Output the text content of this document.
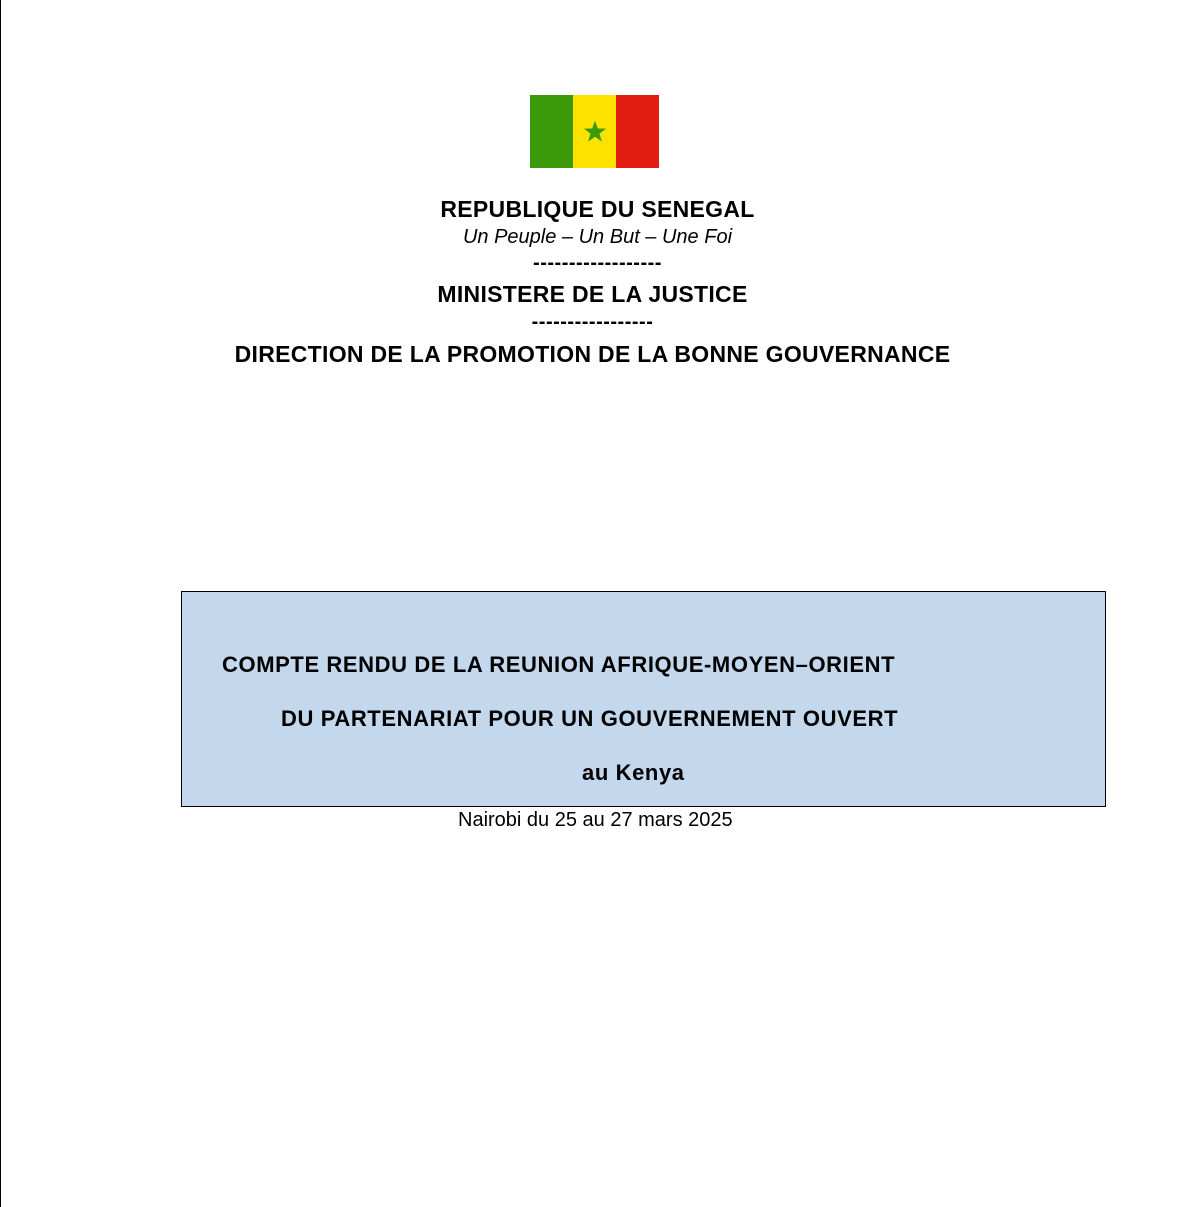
REPUBLIQUE DU SENEGAL
Un Peuple – Un But – Une Foi
------------------
MINISTERE DE LA JUSTICE
-----------------
DIRECTION DE LA PROMOTION DE LA BONNE GOUVERNANCE
COMPTE RENDU DE LA REUNION AFRIQUE-MOYEN–ORIENT
DU PARTENARIAT POUR UN GOUVERNEMENT OUVERT
au Kenya
Nairobi du 25 au 27 mars 2025
